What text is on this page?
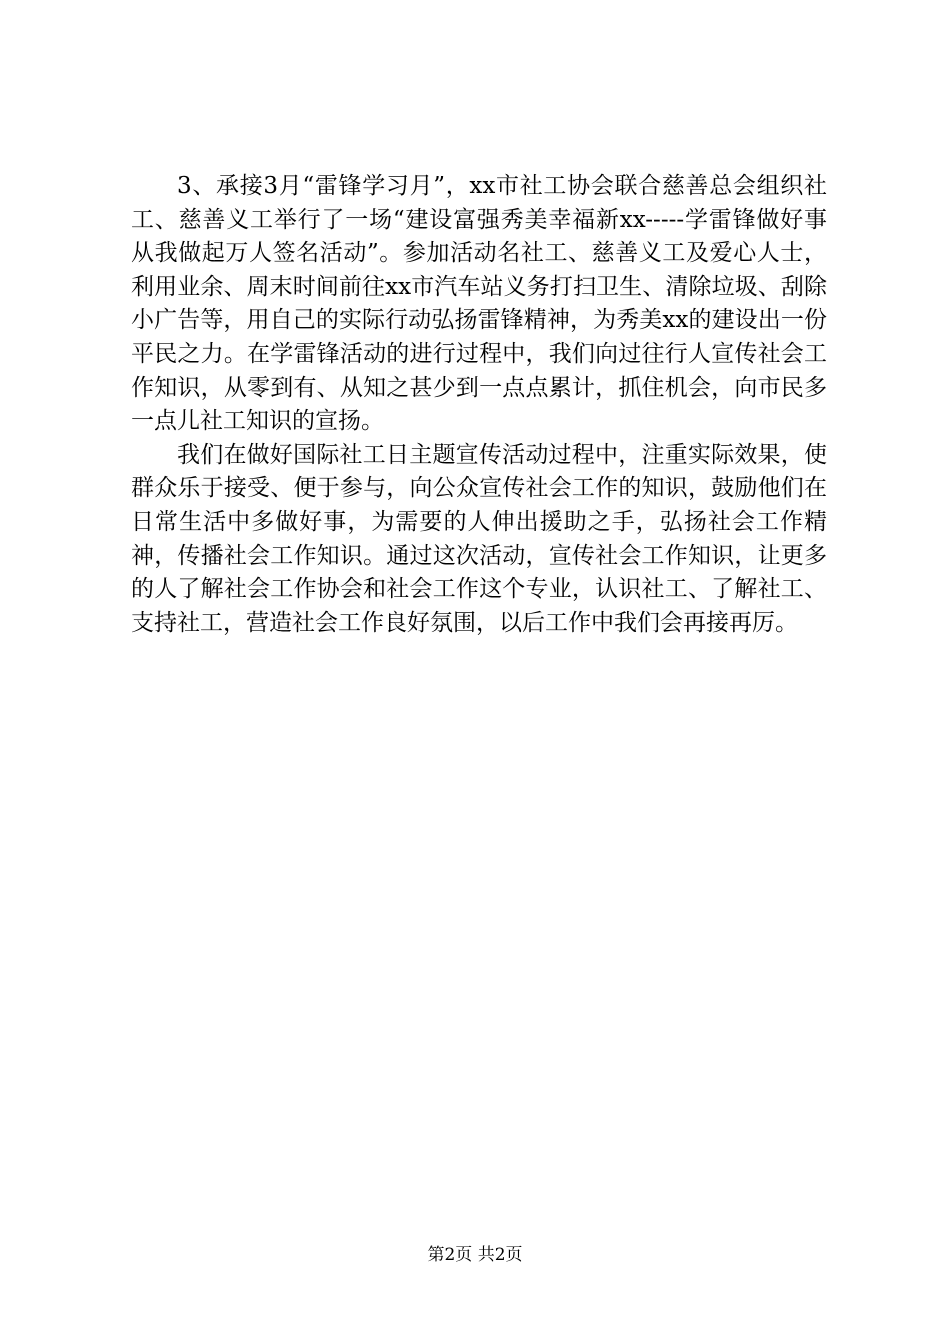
3、承接3月“雷锋学习月”，xx市社工协会联合慈善总会组织社工、慈善义工举行了一场“建设富强秀美幸福新xx-----学雷锋做好事从我做起万人签名活动”。参加活动名社工、慈善义工及爱心人士，利用业余、周末时间前往xx市汽车站义务打扫卫生、清除垃圾、刮除小广告等，用自己的实际行动弘扬雷锋精神，为秀美xx的建设出一份平民之力。在学雷锋活动的进行过程中，我们向过往行人宣传社会工作知识，从零到有、从知之甚少到一点点累计，抓住机会，向市民多一点儿社工知识的宣扬。

我们在做好国际社工日主题宣传活动过程中，注重实际效果，使群众乐于接受、便于参与，向公众宣传社会工作的知识，鼓励他们在日常生活中多做好事，为需要的人伸出援助之手，弘扬社会工作精神，传播社会工作知识。通过这次活动，宣传社会工作知识，让更多的人了解社会工作协会和社会工作这个专业，认识社工、了解社工、支持社工，营造社会工作良好氛围，以后工作中我们会再接再厉。

第2页 共2页
